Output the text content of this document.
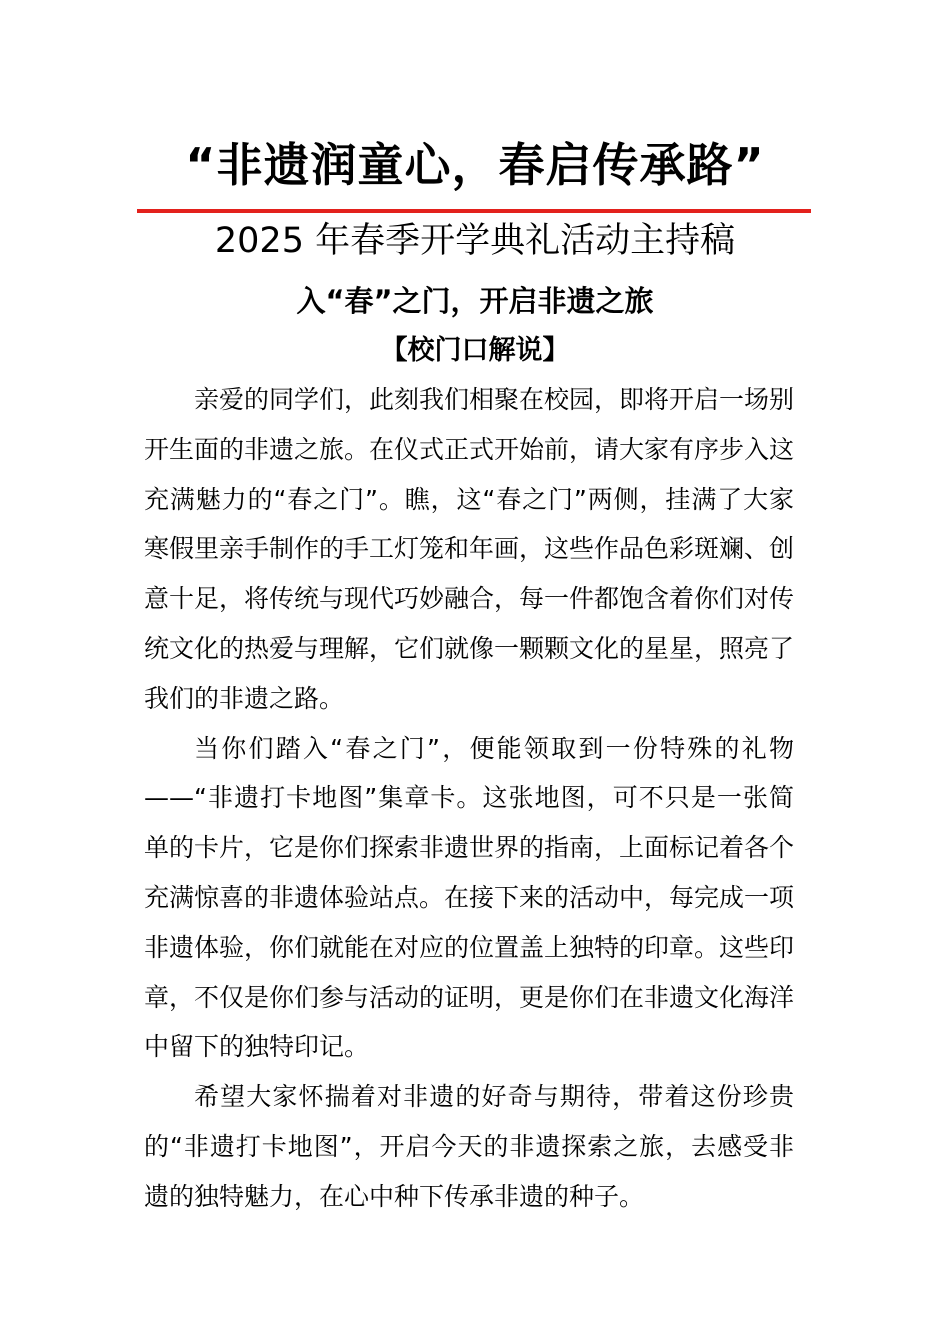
“非遗润童心，春启传承路”
2025 年春季开学典礼活动主持稿
入“春”之门，开启非遗之旅
【校门口解说】

亲爱的同学们，此刻我们相聚在校园，即将开启一场别开生面的非遗之旅。在仪式正式开始前，请大家有序步入这充满魅力的“春之门”。瞧，这“春之门”两侧，挂满了大家寒假里亲手制作的手工灯笼和年画，这些作品色彩斑斓、创意十足，将传统与现代巧妙融合，每一件都饱含着你们对传统文化的热爱与理解，它们就像一颗颗文化的星星，照亮了我们的非遗之路。

当你们踏入“春之门”，便能领取到一份特殊的礼物——“非遗打卡地图”集章卡。这张地图，可不只是一张简单的卡片，它是你们探索非遗世界的指南，上面标记着各个充满惊喜的非遗体验站点。在接下来的活动中，每完成一项非遗体验，你们就能在对应的位置盖上独特的印章。这些印章，不仅是你们参与活动的证明，更是你们在非遗文化海洋中留下的独特印记。

希望大家怀揣着对非遗的好奇与期待，带着这份珍贵的“非遗打卡地图”，开启今天的非遗探索之旅，去感受非遗的独特魅力，在心中种下传承非遗的种子。
